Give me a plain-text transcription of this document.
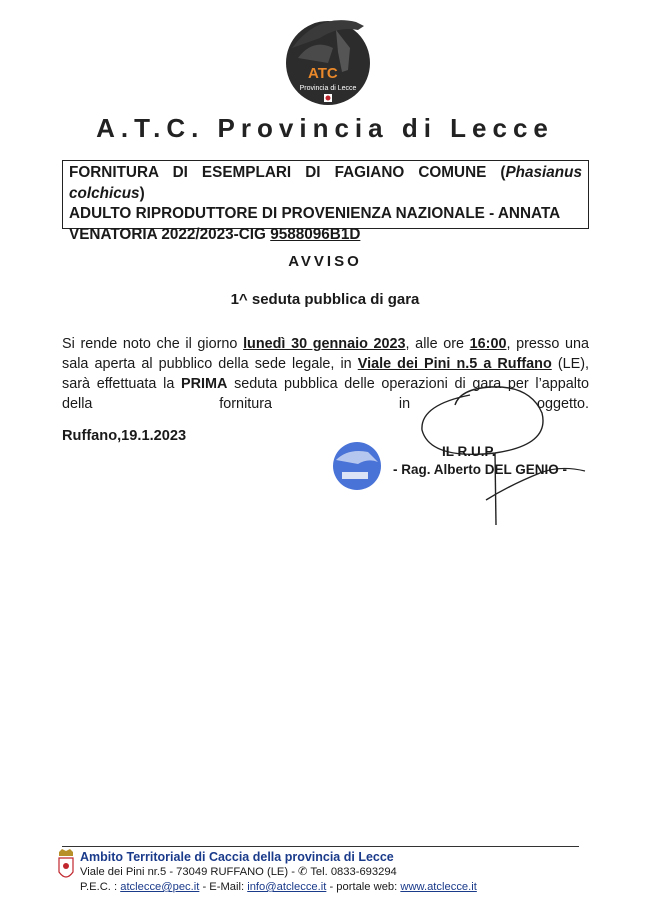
ATC
Provincia di Lecce
A.T.C. Provincia di Lecce
FORNITURA DI ESEMPLARI DI FAGIANO COMUNE (Phasianus colchicus)
ADULTO RIPRODUTTORE DI PROVENIENZA NAZIONALE - ANNATA
VENATORIA 2022/2023-CIG 9588096B1D
AVVISO
1^ seduta pubblica di gara
Si rende noto che il giorno lunedì 30 gennaio 2023, alle ore 16:00, presso una sala aperta al pubblico della sede legale, in Viale dei Pini n.5 a Ruffano (LE), sarà effettuata la PRIMA seduta pubblica delle operazioni di gara per l’appalto della fornitura in oggetto.
Ruffano,19.1.2023
IL R.U.P.
- Rag. Alberto DEL GENIO -
Ambito Territoriale di Caccia della provincia di Lecce
Viale dei Pini nr.5 - 73049 RUFFANO (LE) - ✆ Tel. 0833-693294
P.E.C. : atclecce@pec.it - E-Mail: info@atclecce.it - portale web: www.atclecce.it
